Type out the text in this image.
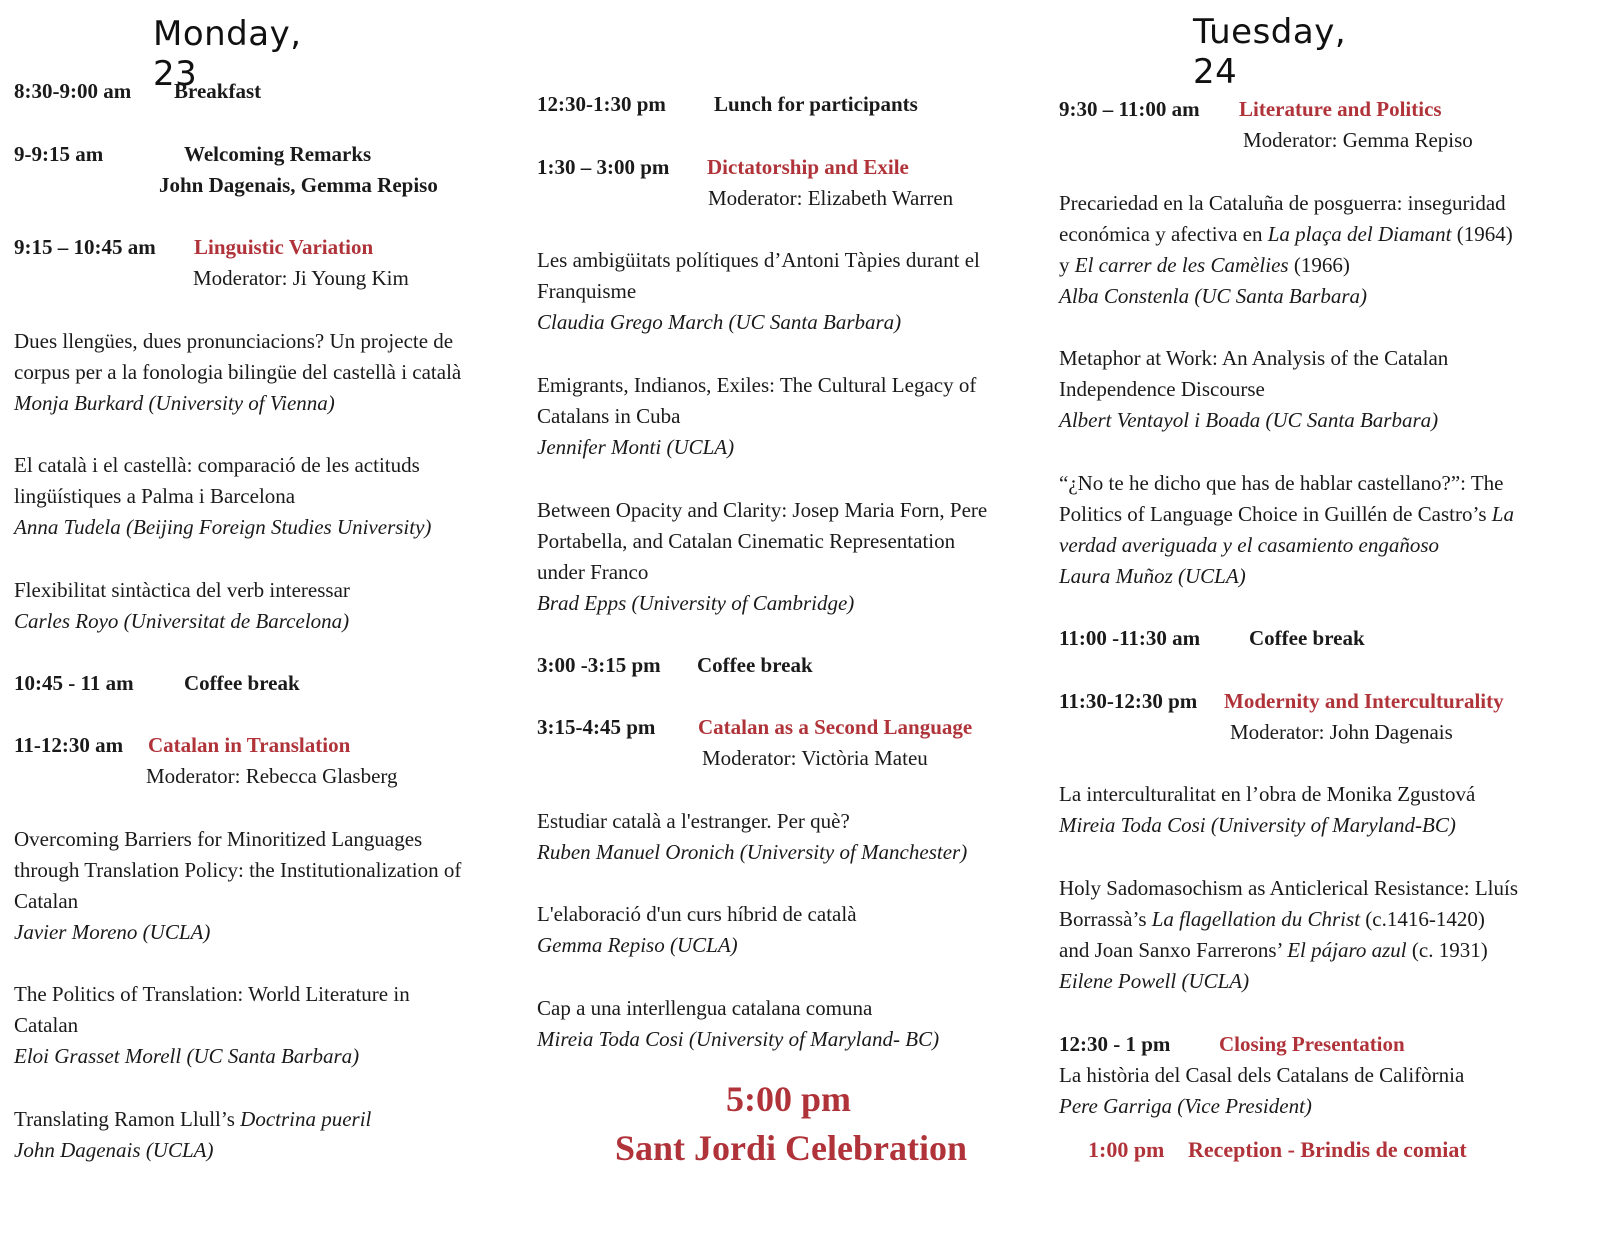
Monday, 23
8:30-9:00 am Breakfast
9-9:15 am	Welcoming Remarks
John Dagenais, Gemma Repiso
9:15 – 10:45 am Linguistic Variation
Moderator: Ji Young Kim
Dues llengües, dues pronunciacions? Un projecte de
corpus per a la fonologia bilingüe del castellà i català
Monja Burkard (University of Vienna)
El català i el castellà: comparació de les actituds
lingüístiques a Palma i Barcelona
Anna Tudela (Beijing Foreign Studies University)
Flexibilitat sintàctica del verb interessar
Carles Royo (Universitat de Barcelona)
10:45 - 11 am Coffee break
11-12:30 am Catalan in Translation
Moderator: Rebecca Glasberg
Overcoming Barriers for Minoritized Languages
through Translation Policy: the Institutionalization of
Catalan
Javier Moreno (UCLA)
The Politics of Translation: World Literature in
Catalan
Eloi Grasset Morell (UC Santa Barbara)
Translating Ramon Llull’s Doctrina pueril
John Dagenais (UCLA)
12:30-1:30 pm Lunch for participants
1:30 – 3:00 pm Dictatorship and Exile
Moderator: Elizabeth Warren
Les ambigüitats polítiques d’Antoni Tàpies durant el
Franquisme
Claudia Grego March (UC Santa Barbara)
Emigrants, Indianos, Exiles: The Cultural Legacy of
Catalans in Cuba
Jennifer Monti (UCLA)
Between Opacity and Clarity: Josep Maria Forn, Pere
Portabella, and Catalan Cinematic Representation
under Franco
Brad Epps (University of Cambridge)
3:00 -3:15 pm Coffee break
3:15-4:45 pm Catalan as a Second Language
Moderator: Victòria Mateu
Estudiar català a l'estranger. Per què?
Ruben Manuel Oronich (University of Manchester)
L'elaboració d'un curs híbrid de català
Gemma Repiso (UCLA)
Cap a una interllengua catalana comuna
Mireia Toda Cosi (University of Maryland- BC)
5:00 pm
Sant Jordi Celebration
Tuesday, 24
9:30 – 11:00 am Literature and Politics
Moderator: Gemma Repiso
Precariedad en la Cataluña de posguerra: inseguridad
económica y afectiva en La plaça del Diamant (1964)
y El carrer de les Camèlies (1966)
Alba Constenla (UC Santa Barbara)
Metaphor at Work: An Analysis of the Catalan
Independence Discourse
Albert Ventayol i Boada (UC Santa Barbara)
“¿No te he dicho que has de hablar castellano?”: The
Politics of Language Choice in Guillén de Castro’s La
verdad averiguada y el casamiento engañoso
Laura Muñoz (UCLA)
11:00 -11:30 am Coffee break
11:30-12:30 pm Modernity and Interculturality
Moderator: John Dagenais
La interculturalitat en l’obra de Monika Zgustová
Mireia Toda Cosi (University of Maryland-BC)
Holy Sadomasochism as Anticlerical Resistance: Lluís
Borrassà’s La flagellation du Christ (c.1416-1420)
and Joan Sanxo Farrerons’ El pájaro azul (c. 1931)
Eilene Powell (UCLA)
12:30 - 1 pm Closing Presentation
La història del Casal dels Catalans de Califòrnia
Pere Garriga (Vice President)
1:00 pm Reception - Brindis de comiat
